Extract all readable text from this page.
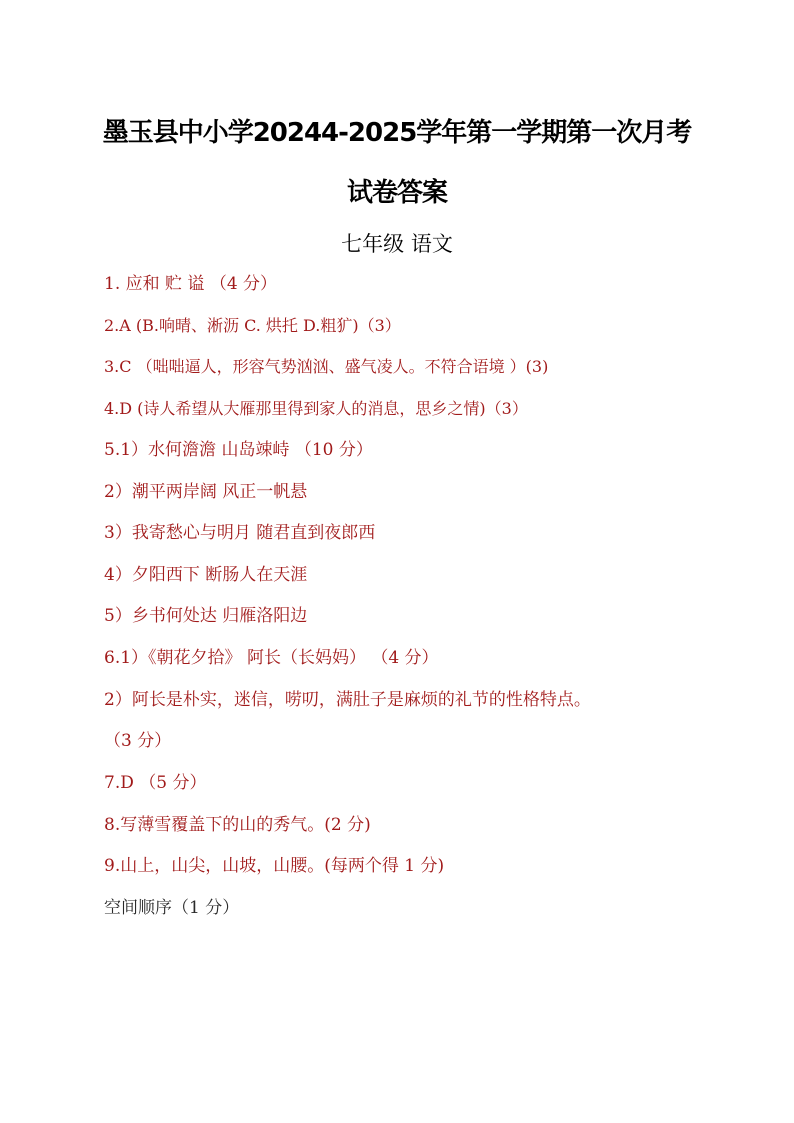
墨玉县中小学20244-2025学年第一学期第一次月考
试卷答案
七年级 语文
1. 应和 贮 谥 （4 分）
2.A (B.响晴、淅沥 C. 烘托 D.粗犷)（3）
3.C （咄咄逼人，形容气势汹汹、盛气凌人。不符合语境 ）(3)
4.D (诗人希望从大雁那里得到家人的消息，思乡之情)（3）
5.1）水何澹澹 山岛竦峙 （10 分）
2）潮平两岸阔 风正一帆悬
3）我寄愁心与明月 随君直到夜郎西
4）夕阳西下 断肠人在天涯
5）乡书何处达 归雁洛阳边
6.1）《朝花夕拾》 阿长（长妈妈） （4 分）
2）阿长是朴实，迷信，唠叨，满肚子是麻烦的礼节的性格特点。
（3 分）
7.D （5 分）
8.写薄雪覆盖下的山的秀气。(2 分)
9.山上，山尖，山坡，山腰。(每两个得 1 分)
空间顺序（1 分）
